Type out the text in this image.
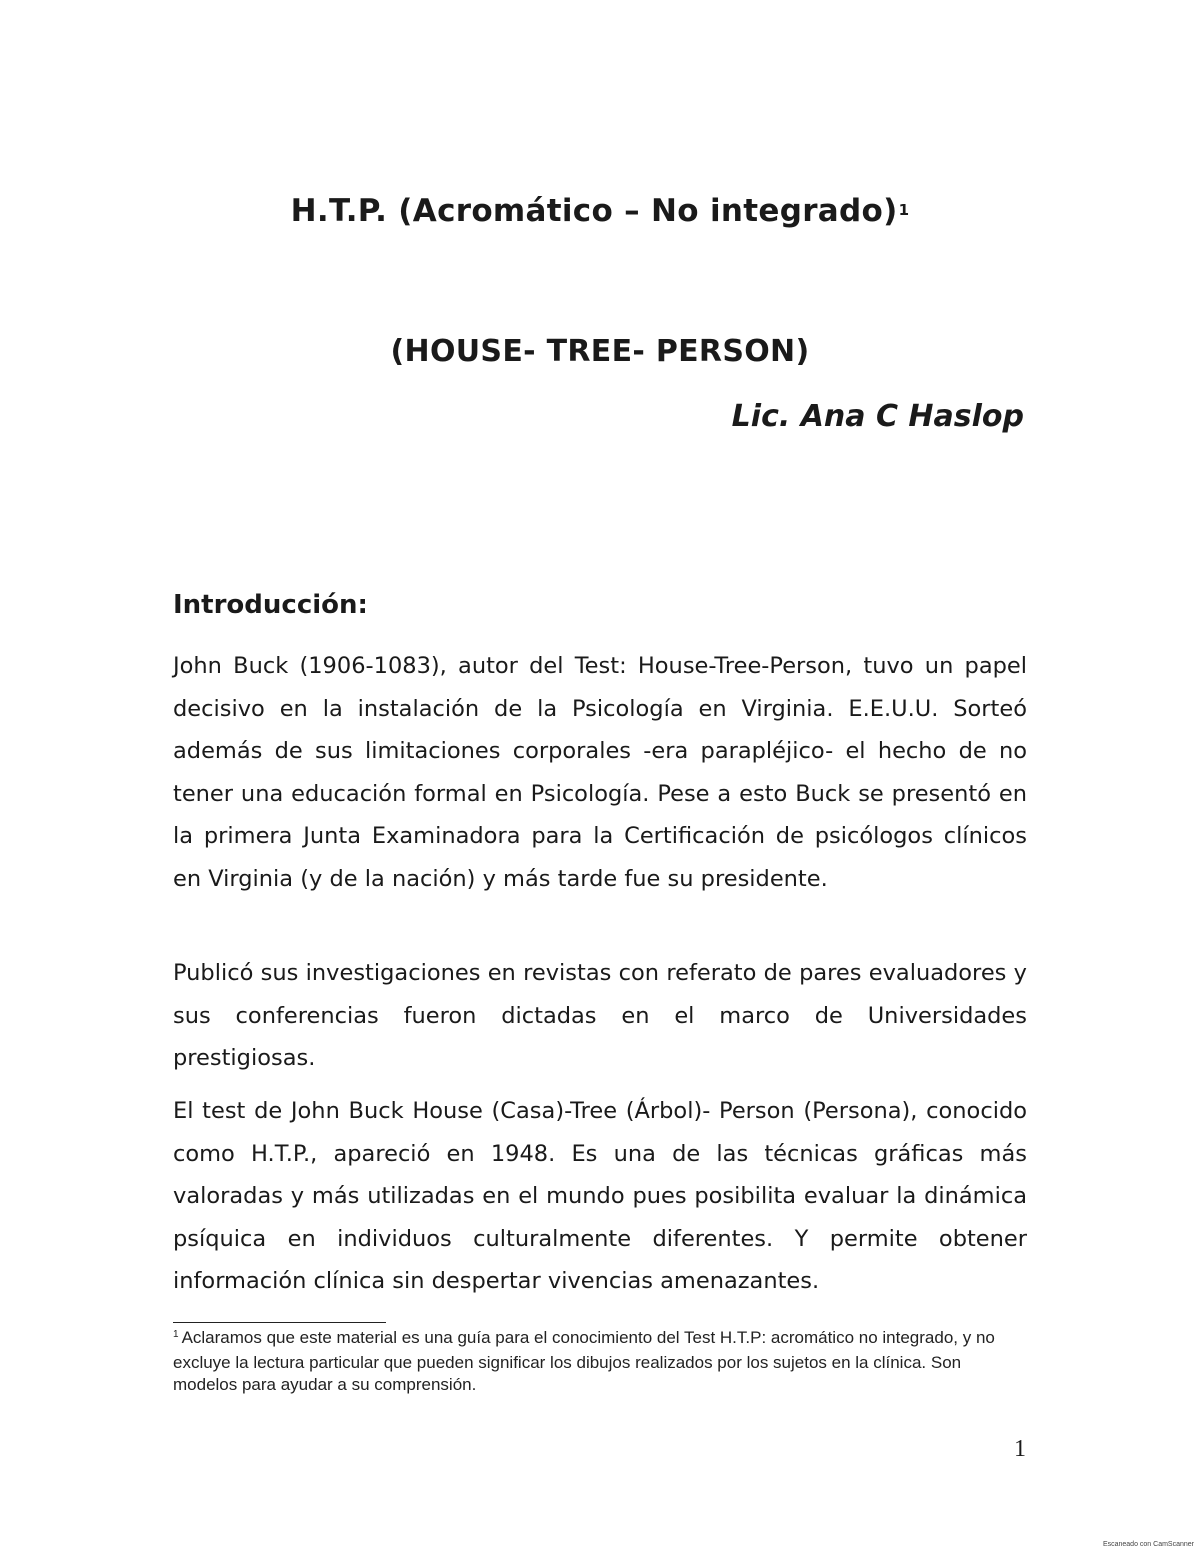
H.T.P. (Acromático – No integrado)$^1$
(HOUSE- TREE- PERSON)
Lic. Ana C Haslop
Introducción:

John Buck (1906-1083), autor del Test: House-Tree-Person, tuvo un papel decisivo en la instalación de la Psicología en Virginia. E.E.U.U. Sorteó además de sus limitaciones corporales -era parapléjico- el hecho de no tener una educación formal en Psicología. Pese a esto Buck se presentó en la primera Junta Examinadora para la Certificación de psicólogos clínicos en Virginia (y de la nación) y más tarde fue su presidente.

Publicó sus investigaciones en revistas con referato de pares evaluadores y sus conferencias fueron dictadas en el marco de Universidades prestigiosas.

El test de John Buck House (Casa)-Tree (Árbol)- Person (Persona), conocido como H.T.P., apareció en 1948. Es una de las técnicas gráficas más valoradas y más utilizadas en el mundo pues posibilita evaluar la dinámica psíquica en individuos culturalmente diferentes. Y permite obtener información clínica sin despertar vivencias amenazantes.

$^1$ Aclaramos que este material es una guía para el conocimiento del Test H.T.P: acromático no integrado, y no excluye la lectura particular que pueden significar los dibujos realizados por los sujetos en la clínica. Son modelos para ayudar a su comprensión.
1
Escaneado con CamScanner
